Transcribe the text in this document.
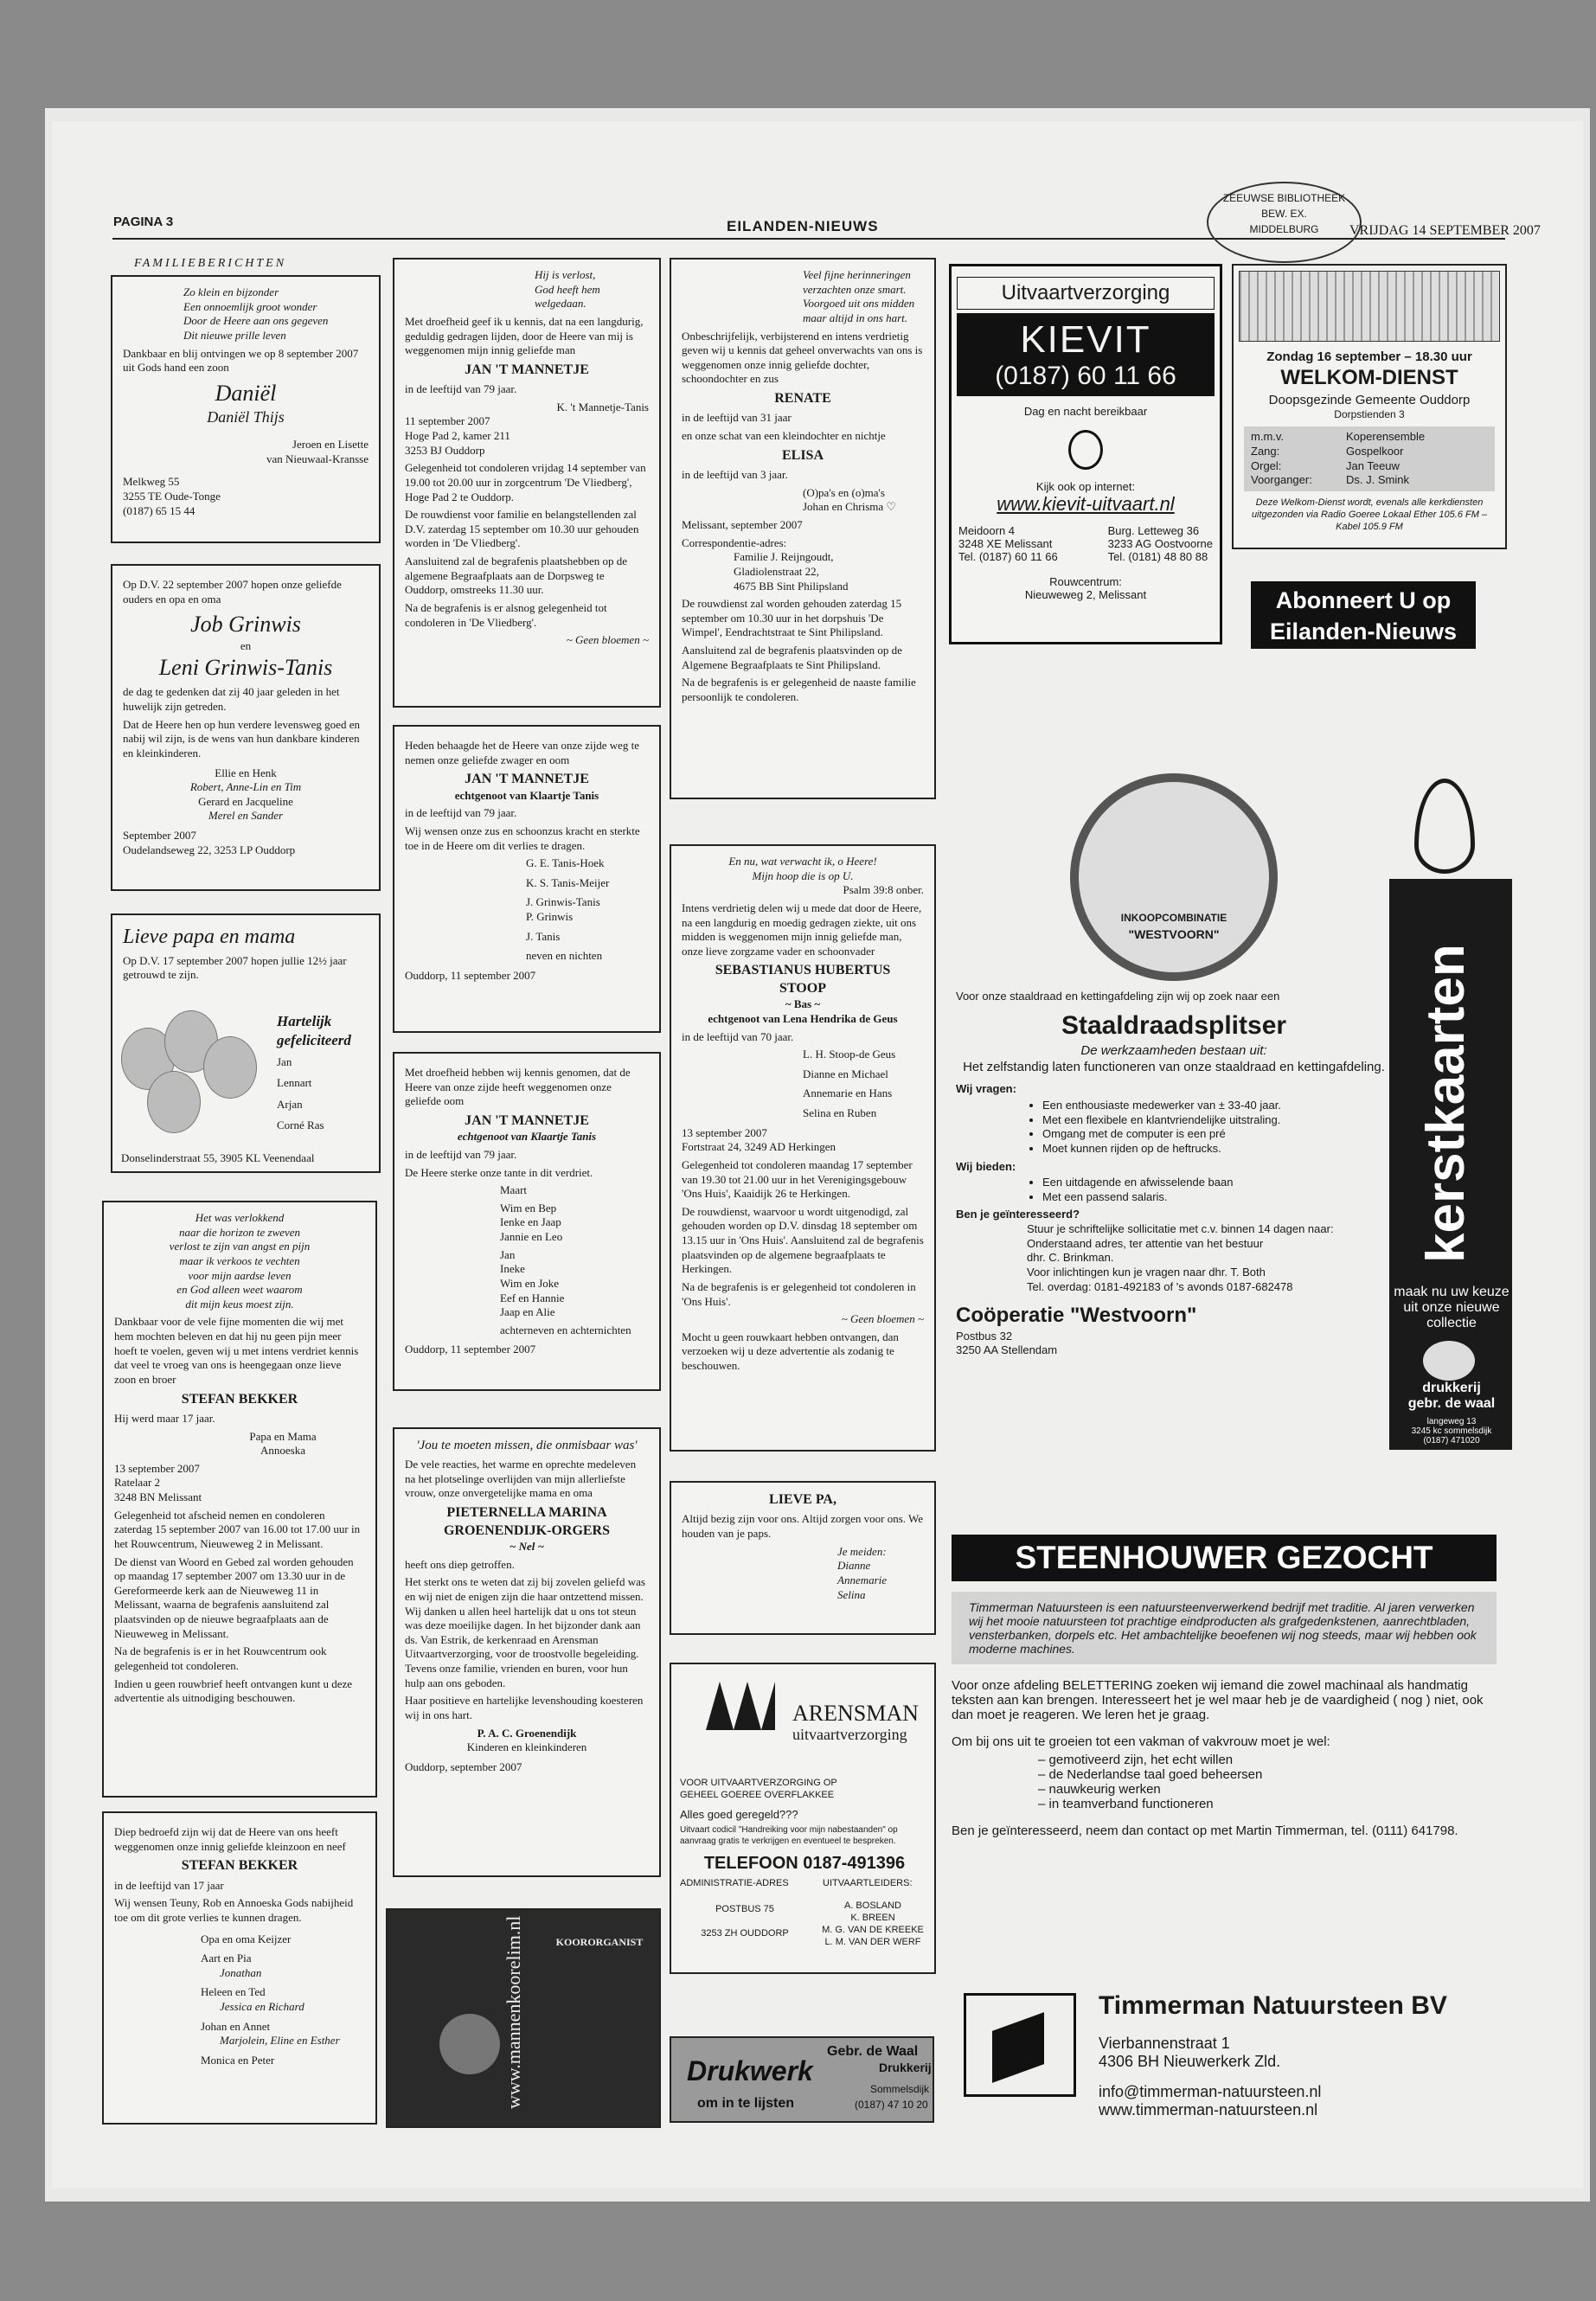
PAGINA 3	EILANDEN-NIEUWS	VRIJDAG 14 SEPTEMBER 2007
ZEEUWSE BIBLIOTHEEK
BEW. EX.
MIDDELBURG
FAMILIEBERICHTEN
Zo klein en bijzonder
Een onnoemlijk groot wonder
Door de Heere aan ons gegeven
Dit nieuwe prille leven

Dankbaar en blij ontvingen we op 8 september 2007 uit Gods hand een zoon

Daniël
Daniël Thijs
Jeroen en Lisette
van Nieuwaal-Kransse
Melkweg 55
3255 TE Oude-Tonge
(0187) 65 15 44

Op D.V. 22 september 2007 hopen onze geliefde ouders en opa en oma

Job Grinwis
en
Leni Grinwis-Tanis

de dag te gedenken dat zij 40 jaar geleden in het huwelijk zijn getreden.

Dat de Heere hen op hun verdere levensweg goed en nabij wil zijn, is de wens van hun dankbare kinderen en kleinkinderen.

Ellie en Henk
Robert, Anne-Lin en Tim
Gerard en Jacqueline
Merel en Sander
September 2007
Oudelandseweg 22, 3253 LP Ouddorp
Lieve papa en mama

Op D.V. 17 september 2007 hopen jullie 12½ jaar getrouwd te zijn.

Hartelijk
gefeliciteerd
Jan
Lennart
Arjan
Corné Ras
Donselinderstraat 55, 3905 KL Veenendaal
Het was verlokkend
naar die horizon te zweven
verlost te zijn van angst en pijn
maar ik verkoos te vechten
voor mijn aardse leven
en God alleen weet waarom
dit mijn keus moest zijn.

Dankbaar voor de vele fijne momenten die wij met hem mochten beleven en dat hij nu geen pijn meer hoeft te voelen, geven wij u met intens verdriet kennis dat veel te vroeg van ons is heengegaan onze lieve zoon en broer

STEFAN BEKKER

Hij werd maar 17 jaar.

Papa en Mama
Annoeska
13 september 2007
Ratelaar 2
3248 BN Melissant

Gelegenheid tot afscheid nemen en condoleren zaterdag 15 september 2007 van 16.00 tot 17.00 uur in het Rouwcentrum, Nieuweweg 2 in Melissant.

De dienst van Woord en Gebed zal worden gehouden op maandag 17 september 2007 om 13.30 uur in de Gereformeerde kerk aan de Nieuweweg 11 in Melissant, waarna de begrafenis aansluitend zal plaatsvinden op de nieuwe begraafplaats aan de Nieuweweg in Melissant.

Na de begrafenis is er in het Rouwcentrum ook gelegenheid tot condoleren.

Indien u geen rouwbrief heeft ontvangen kunt u deze advertentie als uitnodiging beschouwen.

Diep bedroefd zijn wij dat de Heere van ons heeft weggenomen onze innig geliefde kleinzoon en neef

STEFAN BEKKER

in de leeftijd van 17 jaar

Wij wensen Teuny, Rob en Annoeska Gods nabijheid toe om dit grote verlies te kunnen dragen.

Opa en oma Keijzer
Aart en Pia
Jonathan
Heleen en Ted
Jessica en Richard
Johan en Annet
Marjolein, Eline en Esther
Monica en Peter
Hij is verlost,
God heeft hem welgedaan.

Met droefheid geef ik u kennis, dat na een langdurig, geduldig gedragen lijden, door de Heere van mij is weggenomen mijn innig geliefde man

JAN 'T MANNETJE

in de leeftijd van 79 jaar.

K. 't Mannetje-Tanis
11 september 2007
Hoge Pad 2, kamer 211
3253 BJ Ouddorp

Gelegenheid tot condoleren vrijdag 14 september van 19.00 tot 20.00 uur in zorgcentrum 'De Vliedberg', Hoge Pad 2 te Ouddorp.

De rouwdienst voor familie en belangstellenden zal D.V. zaterdag 15 september om 10.30 uur gehouden worden in 'De Vliedberg'.

Aansluitend zal de begrafenis plaatshebben op de algemene Begraafplaats aan de Dorpsweg te Ouddorp, omstreeks 11.30 uur.

Na de begrafenis is er alsnog gelegenheid tot condoleren in 'De Vliedberg'.

~ Geen bloemen ~

Heden behaagde het de Heere van onze zijde weg te nemen onze geliefde zwager en oom

JAN 'T MANNETJE
echtgenoot van Klaartje Tanis

in de leeftijd van 79 jaar.

Wij wensen onze zus en schoonzus kracht en sterkte toe in de Heere om dit verlies te dragen.

G. E. Tanis-Hoek
K. S. Tanis-Meijer
J. Grinwis-Tanis
P. Grinwis
J. Tanis
neven en nichten
Ouddorp, 11 september 2007

Met droefheid hebben wij kennis genomen, dat de Heere van onze zijde heeft weggenomen onze geliefde oom

JAN 'T MANNETJE
echtgenoot van Klaartje Tanis

in de leeftijd van 79 jaar.

De Heere sterke onze tante in dit verdriet.

Maart
Wim en Bep
Ienke en Jaap
Jannie en Leo
Jan
Ineke
Wim en Joke
Eef en Hannie
Jaap en Alie
achterneven en achternichten
Ouddorp, 11 september 2007
'Jou te moeten missen, die onmisbaar was'

De vele reacties, het warme en oprechte medeleven na het plotselinge overlijden van mijn allerliefste vrouw, onze onvergetelijke mama en oma

PIETERNELLA MARINA
GROENENDIJK-ORGERS
~ Nel ~

heeft ons diep getroffen.

Het sterkt ons te weten dat zij bij zovelen geliefd was en wij niet de enigen zijn die haar ontzettend missen. Wij danken u allen heel hartelijk dat u ons tot steun was deze moeilijke dagen. In het bijzonder dank aan ds. Van Estrik, de kerkenraad en Arensman Uitvaartverzorging, voor de troostvolle begeleiding. Tevens onze familie, vrienden en buren, voor hun hulp aan ons geboden.

Haar positieve en hartelijke levenshouding koesteren wij in ons hart.

P. A. C. Groenendijk
Kinderen en kleinkinderen
Ouddorp, september 2007
www.mannenkoorelim.nl	KOORORGANIST
Veel fijne herinneringen
verzachten onze smart.
Voorgoed uit ons midden
maar altijd in ons hart.

Onbeschrijfelijk, verbijsterend en intens verdrietig geven wij u kennis dat geheel onverwachts van ons is weggenomen onze innig geliefde dochter, schoondochter en zus

RENATE

in de leeftijd van 31 jaar

en onze schat van een kleindochter en nichtje

ELISA

in de leeftijd van 3 jaar.

(O)pa's en (o)ma's
Johan en Chrisma ♡

Melissant, september 2007

Correspondentie-adres:
Familie J. Reijngoudt,
Gladiolenstraat 22,
4675 BB Sint Philipsland

De rouwdienst zal worden gehouden zaterdag 15 september om 10.30 uur in het dorpshuis 'De Wimpel', Eendrachtstraat te Sint Philipsland.

Aansluitend zal de begrafenis plaatsvinden op de Algemene Begraafplaats te Sint Philipsland.

Na de begrafenis is er gelegenheid de naaste familie persoonlijk te condoleren.

En nu, wat verwacht ik, o Heere!
Mijn hoop die is op U.
Psalm 39:8 onber.

Intens verdrietig delen wij u mede dat door de Heere, na een langdurig en moedig gedragen ziekte, uit ons midden is weggenomen mijn innig geliefde man, onze lieve zorgzame vader en schoonvader

SEBASTIANUS HUBERTUS
STOOP
~ Bas ~
echtgenoot van Lena Hendrika de Geus

in de leeftijd van 70 jaar.

L. H. Stoop-de Geus
Dianne en Michael
Annemarie en Hans
Selina en Ruben
13 september 2007
Fortstraat 24, 3249 AD Herkingen

Gelegenheid tot condoleren maandag 17 september van 19.30 tot 21.00 uur in het Verenigingsgebouw 'Ons Huis', Kaaidijk 26 te Herkingen.

De rouwdienst, waarvoor u wordt uitgenodigd, zal gehouden worden op D.V. dinsdag 18 september om 13.15 uur in 'Ons Huis'. Aansluitend zal de begrafenis plaatsvinden op de algemene begraafplaats te Herkingen.

Na de begrafenis is er gelegenheid tot condoleren in 'Ons Huis'.

~ Geen bloemen ~

Mocht u geen rouwkaart hebben ontvangen, dan verzoeken wij u deze advertentie als zodanig te beschouwen.

LIEVE PA,

Altijd bezig zijn voor ons. Altijd zorgen voor ons. We houden van je paps.

Je meiden:
Dianne
Annemarie
Selina
ARENSMAN
uitvaartverzorging
VOOR UITVAARTVERZORGING OP GEHEEL GOEREE OVERFLAKKEE
Alles goed geregeld???
Uitvaart codicil "Handreiking voor mijn nabestaanden" op aanvraag gratis te verkrijgen en eventueel te bespreken.
TELEFOON 0187-491396
ADMINISTRATIE-ADRES	UITVAARTLEIDERS:
POSTBUS 75
3253 ZH OUDDORP
A. BOSLAND
K. BREEN
M. G. VAN DE KREEKE
L. M. VAN DER WERF
Drukwerk
om in te lijsten
Gebr. de Waal
Drukkerij
Sommelsdijk
(0187) 47 10 20
Uitvaartverzorging
KIEVIT
(0187) 60 11 66
Dag en nacht bereikbaar
Kijk ook op internet:
www.kievit-uitvaart.nl
Meidoorn 4
3248 XE Melissant
Tel. (0187) 60 11 66
Burg. Letteweg 36
3233 AG Oostvoorne
Tel. (0181) 48 80 88
Rouwcentrum:
Nieuweweg 2, Melissant
Zondag 16 september – 18.30 uur
WELKOM-DIENST
Doopsgezinde Gemeente Ouddorp
Dorpstienden 3
m.m.v.	Koperensemble
Zang:	Gospelkoor
Orgel:	Jan Teeuw
Voorganger:	Ds. J. Smink
Deze Welkom-Dienst wordt, evenals alle kerkdiensten uitgezonden via Radio Goeree Lokaal Ether 105.6 FM – Kabel 105.9 FM
Abonneert U op
Eilanden-Nieuws
INKOOPCOMBINATIE
"WESTVOORN"
Voor onze staaldraad en kettingafdeling zijn wij op zoek naar een
Staaldraadsplitser
De werkzaamheden bestaan uit:
Het zelfstandig laten functioneren van onze staaldraad en kettingafdeling.
Wij vragen:
• Een enthousiaste medewerker van ± 33-40 jaar.
• Met een flexibele en klantvriendelijke uitstraling.
• Omgang met de computer is een pré
• Moet kunnen rijden op de heftrucks.
Wij bieden:
• Een uitdagende en afwisselende baan
• Met een passend salaris.
Ben je geïnteresseerd?
Stuur je schriftelijke sollicitatie met c.v. binnen 14 dagen naar:
Onderstaand adres, ter attentie van het bestuur
dhr. C. Brinkman.
Voor inlichtingen kun je vragen naar dhr. T. Both
Tel. overdag: 0181-492183 of 's avonds 0187-682478
Coöperatie "Westvoorn"
Postbus 32
3250 AA Stellendam
kerstkaarten
maak nu uw keuze uit onze nieuwe collectie
drukkerij
gebr. de waal
langeweg 13
3245 kc sommelsdijk
(0187) 471020
STEENHOUWER GEZOCHT
Timmerman Natuursteen is een natuursteenverwerkend bedrijf met traditie. Al jaren verwerken wij het mooie natuursteen tot prachtige eindproducten als grafgedenkstenen, aanrechtbladen, vensterbanken, dorpels etc. Het ambachtelijke beoefenen wij nog steeds, maar wij hebben ook moderne machines.

Voor onze afdeling BELETTERING zoeken wij iemand die zowel machinaal als handmatig teksten aan kan brengen. Interesseert het je wel maar heb je de vaardigheid ( nog ) niet, ook dan moet je reageren. We leren het je graag.

Om bij ons uit te groeien tot een vakman of vakvrouw moet je wel:

– gemotiveerd zijn, het echt willen
– de Nederlandse taal goed beheersen
– nauwkeurig werken
– in teamverband functioneren

Ben je geïnteresseerd, neem dan contact op met Martin Timmerman, tel. (0111) 641798.

Timmerman Natuursteen BV
Vierbannenstraat 1
4306 BH Nieuwerkerk Zld.
info@timmerman-natuursteen.nl
www.timmerman-natuursteen.nl
